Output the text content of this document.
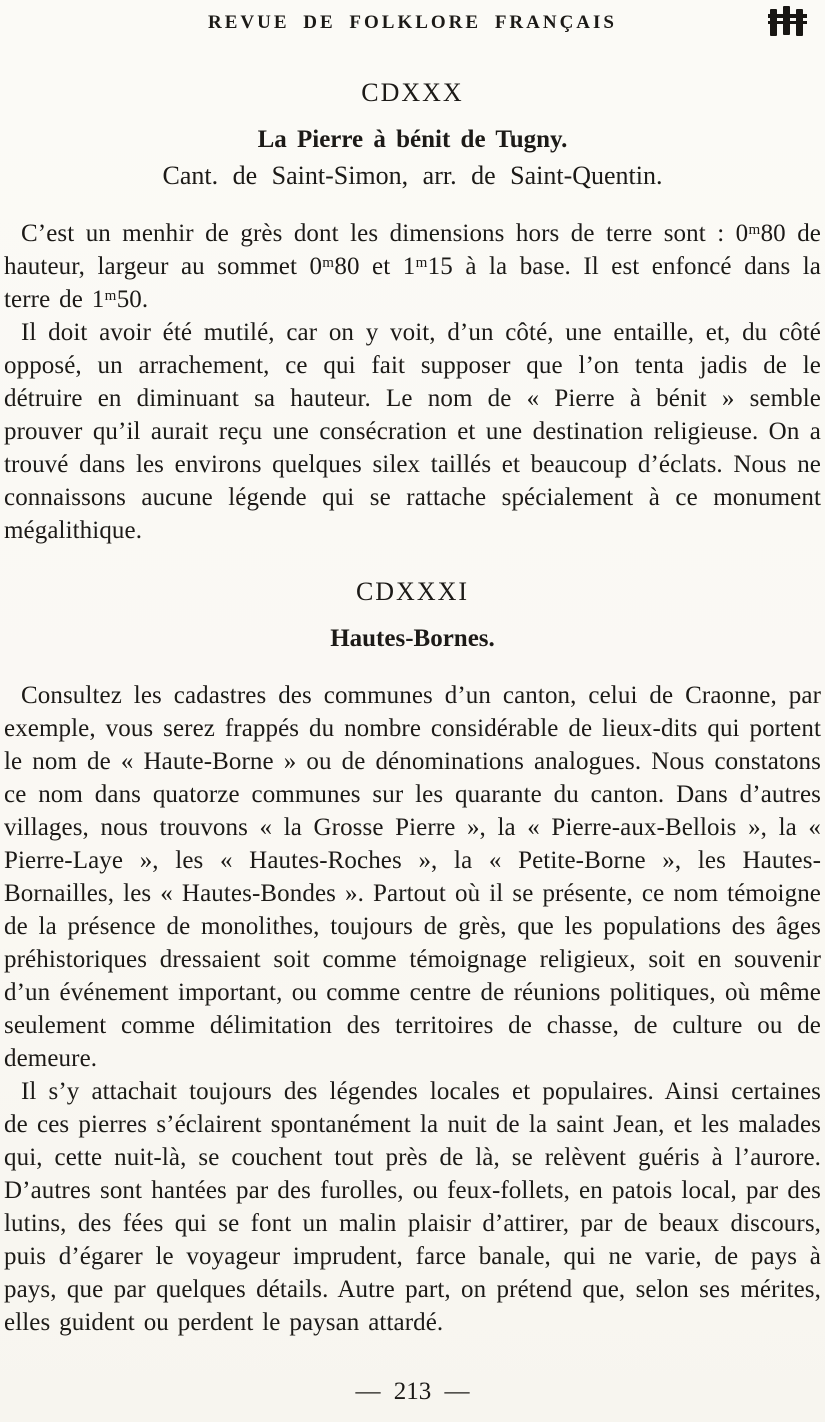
REVUE DE FOLKLORE FRANÇAIS
CDXXX
La Pierre à bénit de Tugny.

Cant. de Saint-Simon, arr. de Saint-Quentin.

C’est un menhir de grès dont les dimensions hors de terre sont : 0ᵐ80 de hauteur, largeur au sommet 0ᵐ80 et 1ᵐ15 à la base. Il est enfoncé dans la terre de 1ᵐ50.

Il doit avoir été mutilé, car on y voit, d’un côté, une entaille, et, du côté opposé, un arrachement, ce qui fait supposer que l’on tenta jadis de le détruire en diminuant sa hauteur. Le nom de « Pierre à bénit » semble prouver qu’il aurait reçu une consécration et une destination religieuse. On a trouvé dans les environs quelques silex taillés et beaucoup d’éclats. Nous ne connaissons aucune légende qui se rattache spécialement à ce monument mégalithique.

CDXXXI
Hautes-Bornes.

Consultez les cadastres des communes d’un canton, celui de Craonne, par exemple, vous serez frappés du nombre considérable de lieux-dits qui portent le nom de « Haute-Borne » ou de dénominations analogues. Nous constatons ce nom dans quatorze communes sur les quarante du canton. Dans d’autres villages, nous trouvons « la Grosse Pierre », la « Pierre-aux-Bellois », la « Pierre-Laye », les « Hautes-Roches », la « Petite-Borne », les Hautes-Bornailles, les « Hautes-Bondes ». Partout où il se présente, ce nom témoigne de la présence de monolithes, toujours de grès, que les populations des âges préhistoriques dressaient soit comme témoignage religieux, soit en souvenir d’un événement important, ou comme centre de réunions politiques, où même seulement comme délimitation des territoires de chasse, de culture ou de demeure.

Il s’y attachait toujours des légendes locales et populaires. Ainsi certaines de ces pierres s’éclairent spontanément la nuit de la saint Jean, et les malades qui, cette nuit-là, se couchent tout près de là, se relèvent guéris à l’aurore. D’autres sont hantées par des furolles, ou feux-follets, en patois local, par des lutins, des fées qui se font un malin plaisir d’attirer, par de beaux discours, puis d’égarer le voyageur imprudent, farce banale, qui ne varie, de pays à pays, que par quelques détails. Autre part, on prétend que, selon ses mérites, elles guident ou perdent le paysan attardé.

— 213 —
